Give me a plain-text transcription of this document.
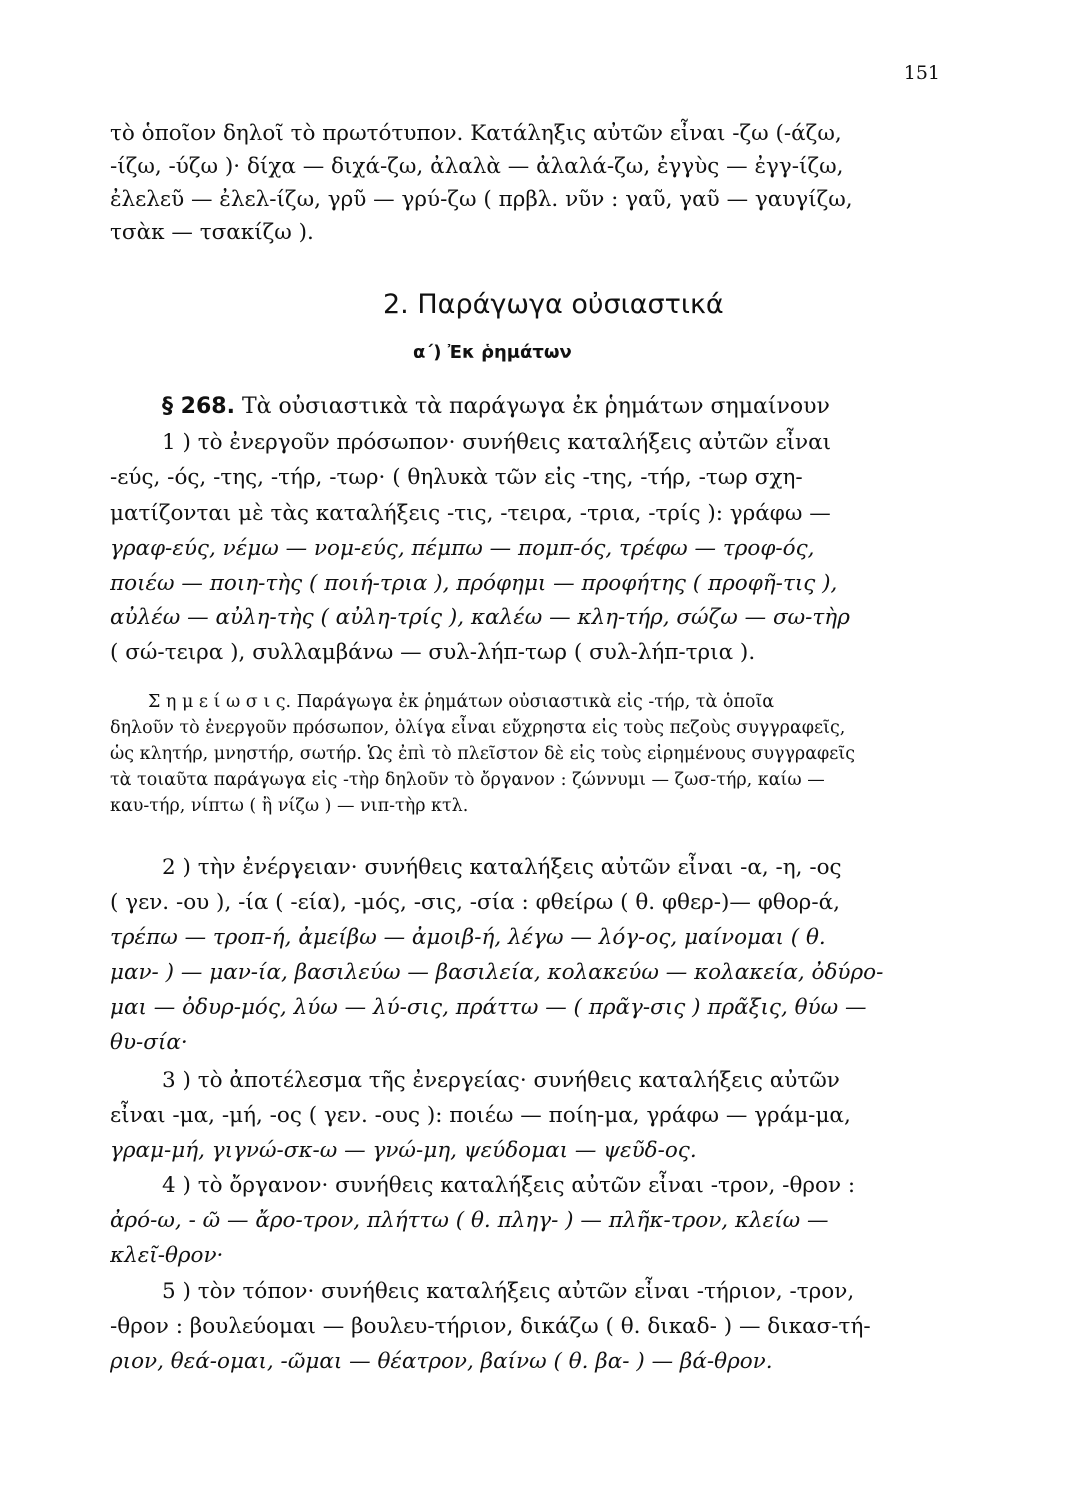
151
τὸ ὁποῖον δηλοῖ τὸ πρωτότυπον. Κατάληξις αὐτῶν εἶναι -ζω (-άζω,
-ίζω, -ύζω )· δίχα — διχά-ζω, ἀλαλὰ — ἀλαλά-ζω, ἐγγὺς — ἐγγ-ίζω,
ἐλελεῦ — ἐλελ-ίζω, γρῦ — γρύ-ζω ( πρβλ. νῦν : γαῦ, γαῦ — γαυγίζω,
τσὰκ — τσακίζω ).
2. Παράγωγα οὐσιαστικά
α΄) Ἐκ ῥημάτων
§ 268.
Τὰ οὐσιαστικὰ τὰ παράγωγα ἐκ ῥημάτων σημαίνουν
1 ) τὸ ἐνεργοῦν πρόσωπον· συνήθεις καταλήξεις αὐτῶν εἶναι
-εύς, -ός, -της, -τήρ, -τωρ· ( θηλυκὰ τῶν εἰς -της, -τήρ, -τωρ σχη-
ματίζονται μὲ τὰς καταλήξεις -τις, -τειρα, -τρια, -τρίς ): γράφω —
γραφ-εύς, νέμω — νομ-εύς, πέμπω — πομπ-ός, τρέφω — τροφ-ός,
ποιέω — ποιη-τὴς ( ποιή-τρια ), πρόφημι — προφήτης ( προφῆ-τις ),
αὐλέω — αὐλη-τὴς ( αὐλη-τρίς ), καλέω — κλη-τήρ, σώζω — σω-τὴρ
( σώ-τειρα ), συλλαμβάνω — συλ-λήπ-τωρ ( συλ-λήπ-τρια ).
Σ η μ ε ί ω σ ι ς. Παράγωγα ἐκ ῥημάτων οὐσιαστικὰ εἰς -τήρ, τὰ ὁποῖα
δηλοῦν τὸ ἐνεργοῦν πρόσωπον, ὀλίγα εἶναι εὔχρηστα εἰς τοὺς πεζοὺς συγγραφεῖς,
ὡς κλητήρ, μνηστήρ, σωτήρ. Ὡς ἐπὶ τὸ πλεῖστον δὲ εἰς τοὺς εἰρημένους συγγραφεῖς
τὰ τοιαῦτα παράγωγα εἰς -τὴρ δηλοῦν τὸ ὄργανον : ζώννυμι — ζωσ-τήρ, καίω —
καυ-τήρ, νίπτω ( ἢ νίζω ) — νιπ-τὴρ κτλ.
2 ) τὴν ἐνέργειαν· συνήθεις καταλήξεις αὐτῶν εἶναι -α, -η, -ος
( γεν. -ου ), -ία ( -εία), -μός, -σις, -σία : φθείρω ( θ. φθερ-)— φθορ-ά,
τρέπω — τροπ-ή, ἀμείβω — ἀμοιβ-ή, λέγω — λόγ-ος, μαίνομαι ( θ.
μαν- ) — μαν-ία, βασιλεύω — βασιλεία, κολακεύω — κολακεία, ὀδύρο-
μαι — ὀδυρ-μός, λύω — λύ-σις, πράττω — ( πρᾶγ-σις ) πρᾶξις, θύω —
θυ-σία·
3 ) τὸ ἀποτέλεσμα τῆς ἐνεργείας· συνήθεις καταλήξεις αὐτῶν
εἶναι -μα, -μή, -ος ( γεν. -ους ): ποιέω — ποίη-μα, γράφω — γράμ-μα,
γραμ-μή, γιγνώ-σκ-ω — γνώ-μη, ψεύδομαι — ψεῦδ-ος.
4 ) τὸ ὄργανον· συνήθεις καταλήξεις αὐτῶν εἶναι -τρον, -θρον :
ἀρό-ω, - ῶ — ἄρο-τρον, πλήττω ( θ. πληγ- ) — πλῆκ-τρον, κλείω —
κλεῖ-θρον·
5 ) τὸν τόπον· συνήθεις καταλήξεις αὐτῶν εἶναι -τήριον, -τρον,
-θρον : βουλεύομαι — βουλευ-τήριον, δικάζω ( θ. δικαδ- ) — δικασ-τή-
ριον, θεά-ομαι, -ῶμαι — θέατρον, βαίνω ( θ. βα- ) — βά-θρον.
